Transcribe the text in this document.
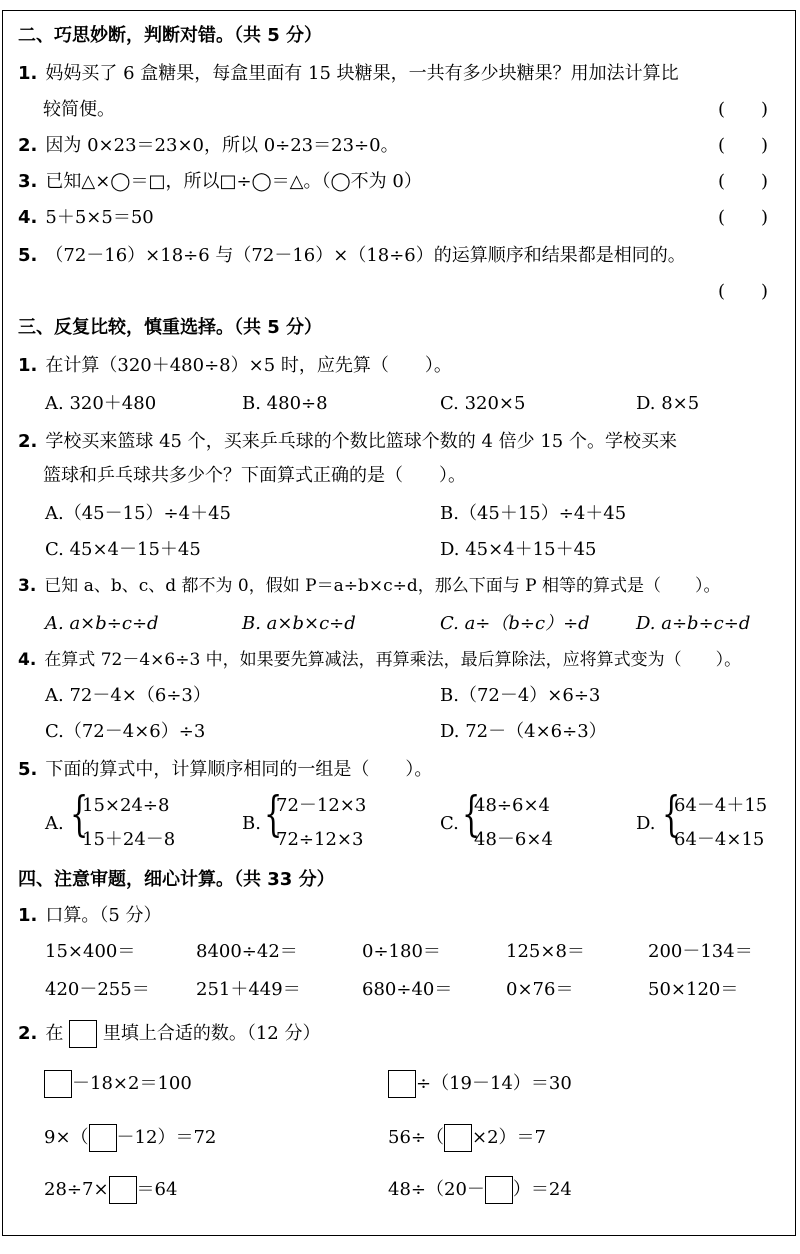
二、巧思妙断，判断对错。（共 5 分）
1. 妈妈买了 6 盒糖果，每盒里面有 15 块糖果，一共有多少块糖果？用加法计算比
较简便。	(　　)
2. 因为 0×23＝23×0，所以 0÷23＝23÷0。	(　　)
3. 已知△×◯＝□，所以□÷◯＝△。（◯不为 0）	(　　)
4. 5＋5×5＝50	(　　)
5. （72－16）×18÷6 与（72－16）×（18÷6）的运算顺序和结果都是相同的。
(　　)
三、反复比较，慎重选择。（共 5 分）
1. 在计算（320＋480÷8）×5 时，应先算（　　）。
A. 320＋480	B. 480÷8	C. 320×5	D. 8×5
2. 学校买来篮球 45 个，买来乒乓球的个数比篮球个数的 4 倍少 15 个。学校买来
篮球和乒乓球共多少个？下面算式正确的是（　　）。
A.（45－15）÷4＋45	B.（45＋15）÷4＋45
C. 45×4－15＋45	D. 45×4＋15＋45
3. 已知 a、b、c、d 都不为 0，假如 P＝a÷b×c÷d，那么下面与 P 相等的算式是（　　）。
A. a×b÷c÷d	B. a×b×c÷d	C. a÷（b÷c）÷d	D. a÷b÷c÷d
4. 在算式 72－4×6÷3 中，如果要先算减法，再算乘法，最后算除法，应将算式变为（　　）。
A. 72－4×（6÷3）	B.（72－4）×6÷3
C.（72－4×6）÷3	D. 72－（4×6÷3）
5. 下面的算式中，计算顺序相同的一组是（　　）。
A. {
15×24÷8
15＋24－8
B. {
72－12×3
72÷12×3
C. {
48÷6×4
48－6×4
D. {
64－4＋15
64－4×15
四、注意审题，细心计算。（共 33 分）
1. 口算。（5 分）
15×400＝	8400÷42＝	0÷180＝	125×8＝	200－134＝
420－255＝	251＋449＝	680÷40＝	0×76＝	50×120＝
2. 在 里填上合适的数。（12 分）
－18×2＝100	÷（19－14）＝30
9×（ －12）＝72	56÷（ ×2）＝7
28÷7× ＝64	48÷（20－ ）＝24
